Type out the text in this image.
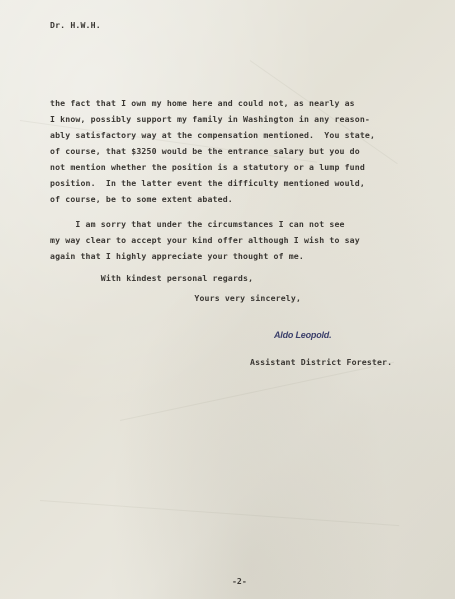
Dr. H.W.H.
the fact that I own my home here and could not, as nearly as
I know, possibly support my family in Washington in any reason-
ably satisfactory way at the compensation mentioned.  You state,
of course, that $3250 would be the entrance salary but you do
not mention whether the position is a statutory or a lump fund
position.  In the latter event the difficulty mentioned would,
of course, be to some extent abated.
I am sorry that under the circumstances I can not see
my way clear to accept your kind offer although I wish to say
again that I highly appreciate your thought of me.
With kindest personal regards,
Yours very sincerely,
Aldo Leopold.
Assistant District Forester.
-2-
